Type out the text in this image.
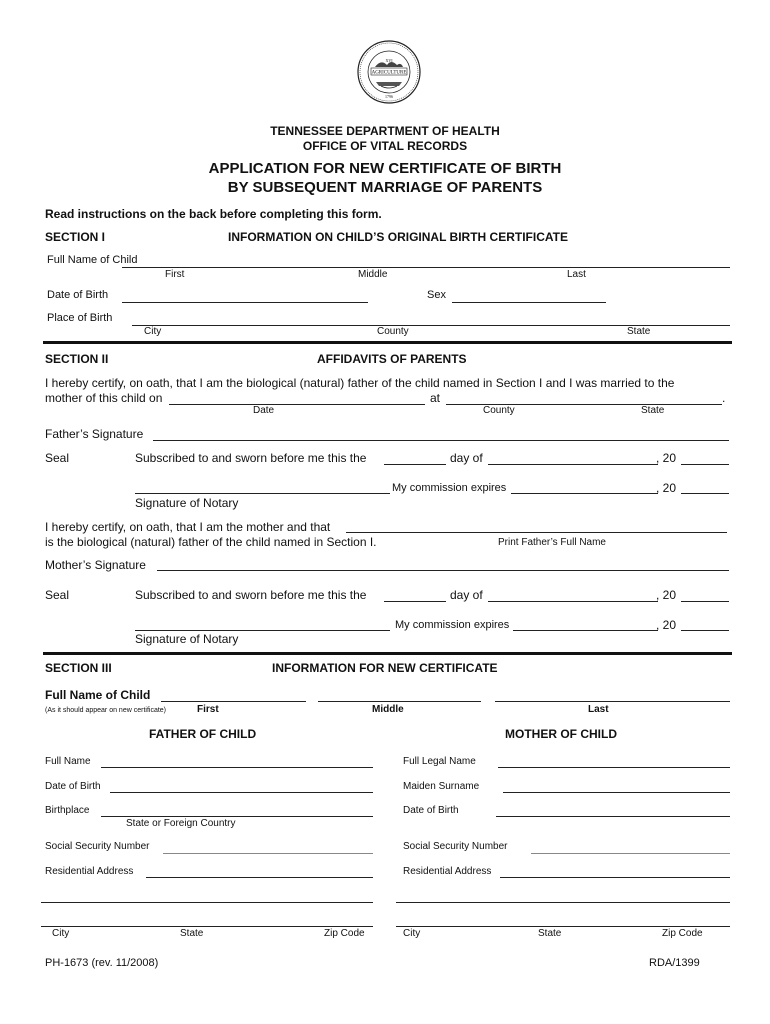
AGRICULTURE
XVI
1796
TENNESSEE DEPARTMENT OF HEALTH
OFFICE OF VITAL RECORDS
APPLICATION FOR NEW CERTIFICATE OF BIRTH
BY SUBSEQUENT MARRIAGE OF PARENTS
Read instructions on the back before completing this form.
SECTION I	INFORMATION ON CHILD’S ORIGINAL BIRTH CERTIFICATE
Full Name of Child
First	Middle	Last
Date of Birth	Sex
Place of Birth
City	County	State
SECTION II	AFFIDAVITS OF PARENTS
I hereby certify, on oath, that I am the biological (natural) father of the child named in Section I and I was married to the
mother of this child on	at	.
Date	County	State
Father’s Signature
Seal	Subscribed to and sworn before me this the	day of	, 20
My commission expires	, 20
Signature of Notary
I hereby certify, on oath, that I am the mother and that
is the biological (natural) father of the child named in Section I.	Print Father’s Full Name
Mother’s Signature
Seal	Subscribed to and sworn before me this the	day of	, 20
My commission expires	, 20
Signature of Notary
SECTION III	INFORMATION FOR NEW CERTIFICATE
Full Name of Child
(As it should appear on new certificate)	First	Middle	Last
FATHER OF CHILD	MOTHER OF CHILD
Full Name
Date of Birth
Birthplace
State or Foreign Country
Social Security Number
Residential Address
City	State	Zip Code
Full Legal Name
Maiden Surname
Date of Birth
Social Security Number
Residential Address
City	State	Zip Code
PH-1673 (rev. 11/2008)	RDA/1399
